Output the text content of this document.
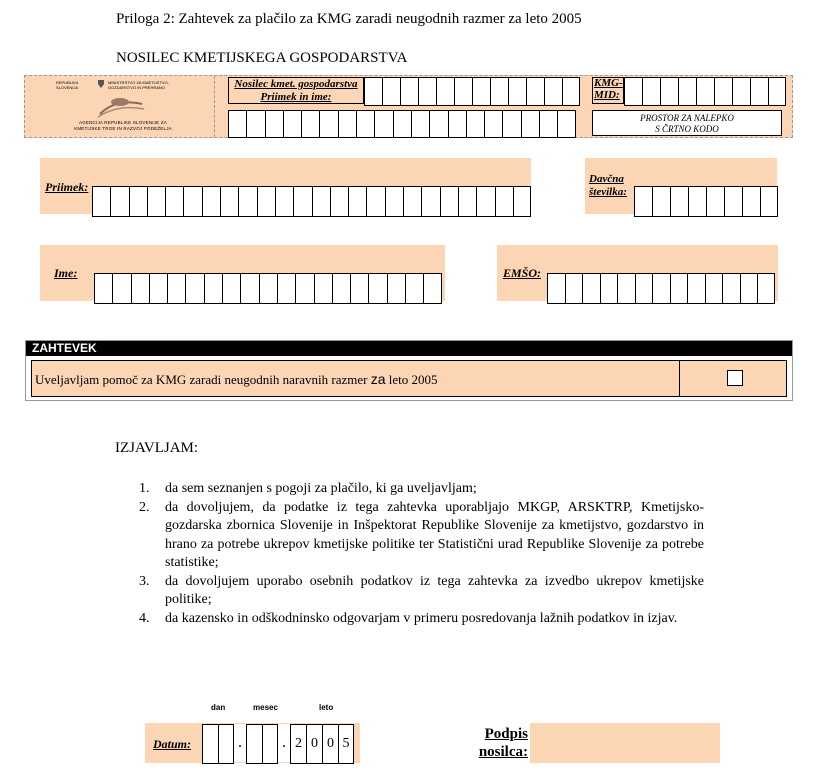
Priloga 2: Zahtevek za plačilo za KMG zaradi neugodnih razmer za leto 2005
NOSILEC KMETIJSKEGA GOSPODARSTVA
REPUBLIKA
SLOVENIJA
MINISTRSTVO ZA KMETIJSTVO,
GOZDARSTVO IN PREHRANO
AGENCIJA REPUBLIKE SLOVENIJE ZA
KMETIJSKE TRGE IN RAZVOJ PODEŽELJA
Nosilec kmet. gospodarstva
Priimek in ime:
KMG-
MID:
PROSTOR ZA NALEPKO
S ČRTNO KODO
Priimek:
Davčna
številka:
Ime:	EMŠO:
ZAHTEVEK
Uveljavljam pomoč za KMG zaradi neugodnih naravnih razmer za leto 2005
IZJAVLJAM:
1. da sem seznanjen s pogoji za plačilo, ki ga uveljavljam;
2. da dovoljujem, da podatke iz tega zahtevka uporabljajo MKGP, ARSKTRP, Kmetijsko-gozdarska zbornica Slovenije in Inšpektorat Republike Slovenije za kmetijstvo, gozdarstvo in hrano za potrebe ukrepov kmetijske politike ter Statistični urad Republike Slovenije za potrebe statistike;
3. da dovoljujem uporabo osebnih podatkov iz tega zahtevka za izvedbo ukrepov kmetijske politike;
4. da kazensko in odškodninsko odgovarjam v primeru posredovanja lažnih podatkov in izjav.
dan	mesec	leto
Datum:	.	. 2 0 0 5
Podpis
nosilca:
